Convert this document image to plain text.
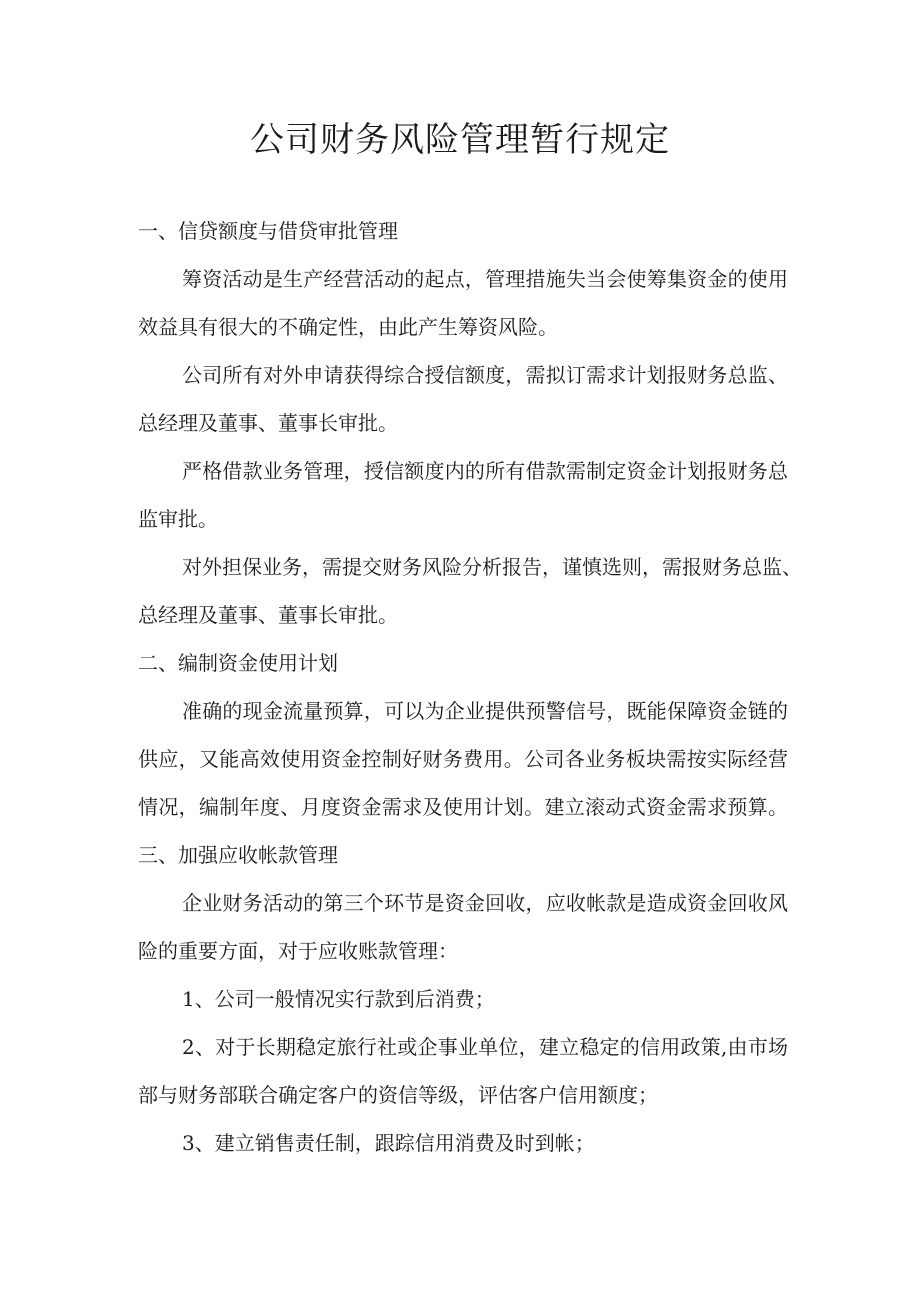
公司财务风险管理暂行规定

一、信贷额度与借贷审批管理

筹资活动是生产经营活动的起点，管理措施失当会使筹集资金的使用

效益具有很大的不确定性，由此产生筹资风险。

公司所有对外申请获得综合授信额度，需拟订需求计划报财务总监、

总经理及董事、董事长审批。

严格借款业务管理，授信额度内的所有借款需制定资金计划报财务总

监审批。

对外担保业务，需提交财务风险分析报告，谨慎选则，需报财务总监、

总经理及董事、董事长审批。

二、编制资金使用计划

准确的现金流量预算，可以为企业提供预警信号，既能保障资金链的

供应，又能高效使用资金控制好财务费用。公司各业务板块需按实际经营

情况，编制年度、月度资金需求及使用计划。建立滚动式资金需求预算。

三、加强应收帐款管理

企业财务活动的第三个环节是资金回收，应收帐款是造成资金回收风

险的重要方面，对于应收账款管理：

1、公司一般情况实行款到后消费；

2、对于长期稳定旅行社或企事业单位，建立稳定的信用政策,由市场

部与财务部联合确定客户的资信等级，评估客户信用额度；

3、建立销售责任制，跟踪信用消费及时到帐；
